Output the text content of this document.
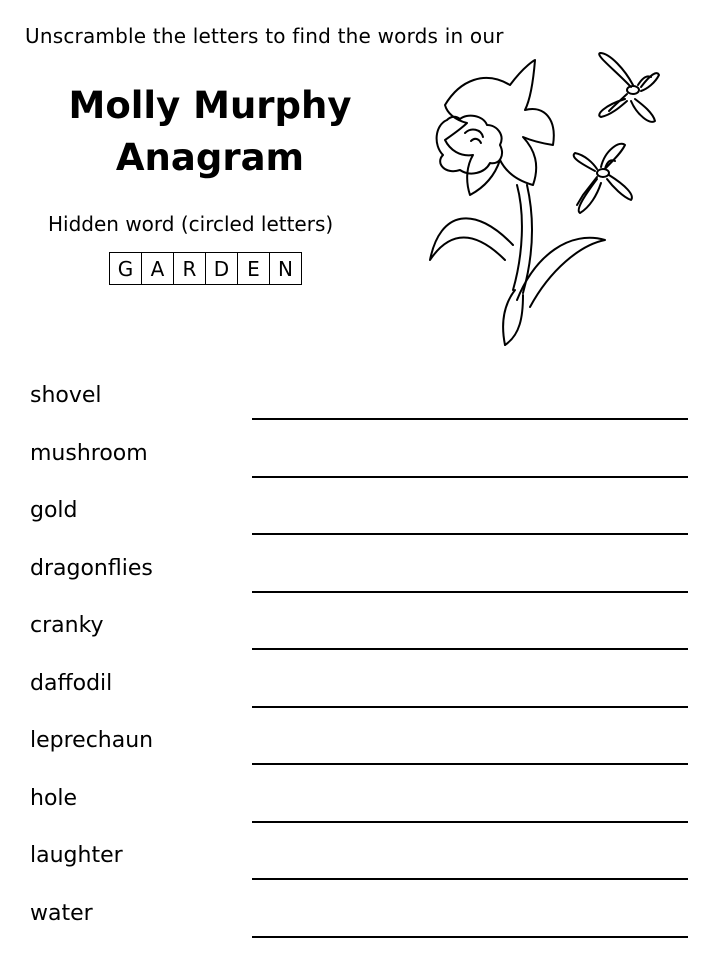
Unscramble the letters to find the words in our
Molly Murphy
Anagram
Hidden word (circled letters)
G A R D E N
shovel
mushroom
gold
dragonflies
cranky
daffodil
leprechaun
hole
laughter
water
